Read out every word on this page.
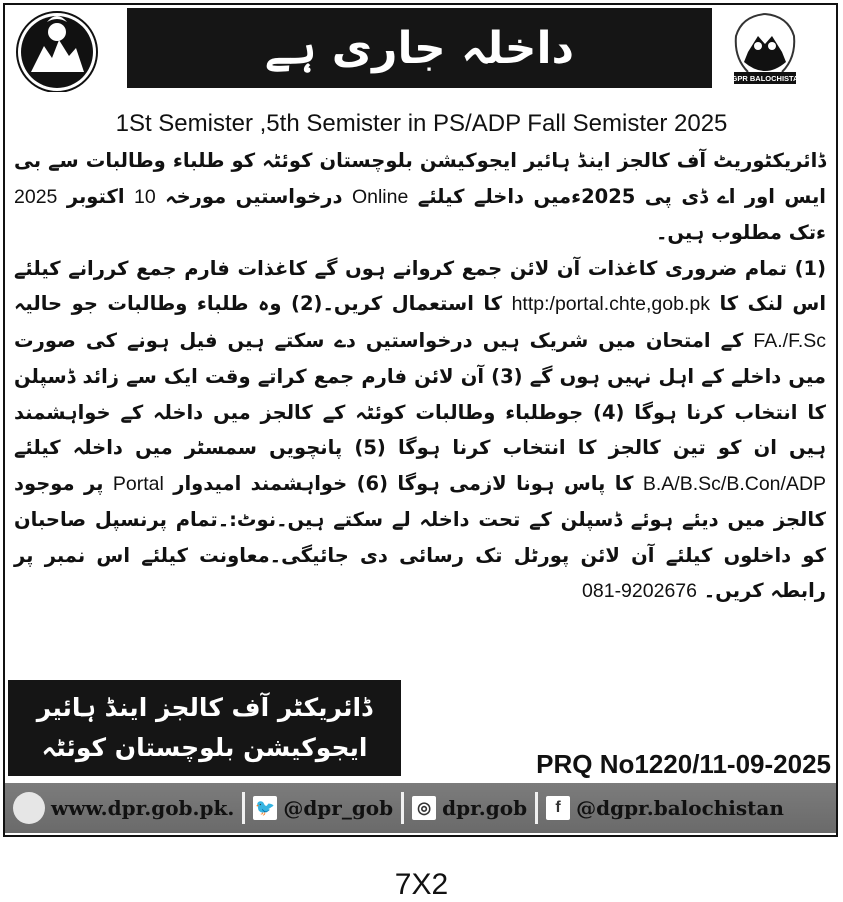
DGPR BALOCHISTAN
داخلہ جاری ہے
1St Semister ,5th Semister in PS/ADP Fall Semister 2025

ڈائریکٹوریٹ آف کالجز اینڈ ہائیر ایجوکیشن بلوچستان کوئٹہ کو طلباء وطالبات سے بی ایس اور اے ڈی پی 2025ءمیں داخلے کیلئے Online درخواستیں مورخہ 10 اکتوبر 2025 ءتک مطلوب ہیں۔

(1) تمام ضروری کاغذات آن لائن جمع کروانے ہوں گے کاغذات فارم جمع کررانے کیلئے اس لنک کا http:/portal.chte,gob.pk کا استعمال کریں۔(2) وہ طلباء وطالبات جو حالیہ FA./F.Sc کے امتحان میں شریک ہیں درخواستیں دے سکتے ہیں فیل ہونے کی صورت میں داخلے کے اہل نہیں ہوں گے (3) آن لائن فارم جمع کراتے وقت ایک سے زائد ڈسپلن کا انتخاب کرنا ہوگا (4) جوطلباء وطالبات کوئٹہ کے کالجز میں داخلہ کے خواہشمند ہیں ان کو تین کالجز کا انتخاب کرنا ہوگا (5) پانچویں سمسٹر میں داخلہ کیلئے B.A/B.Sc/B.Con/ADP کا پاس ہونا لازمی ہوگا (6) خواہشمند امیدوار Portal پر موجود کالجز میں دیئے ہوئے ڈسپلن کے تحت داخلہ لے سکتے ہیں۔نوٹ:۔تمام پرنسپل صاحبان کو داخلوں کیلئے آن لائن پورٹل تک رسائی دی جائیگی۔معاونت کیلئے اس نمبر پر رابطہ کریں۔ 081-9202676

ڈائریکٹر آف کالجز اینڈ ہائیر
ایجوکیشن بلوچستان کوئٹہ
PRQ No1220/11-09-2025
www.dpr.gob.pk. 🐦 @dpr_gob	◎ dpr.gob	f @dgpr.balochistan
7X2
